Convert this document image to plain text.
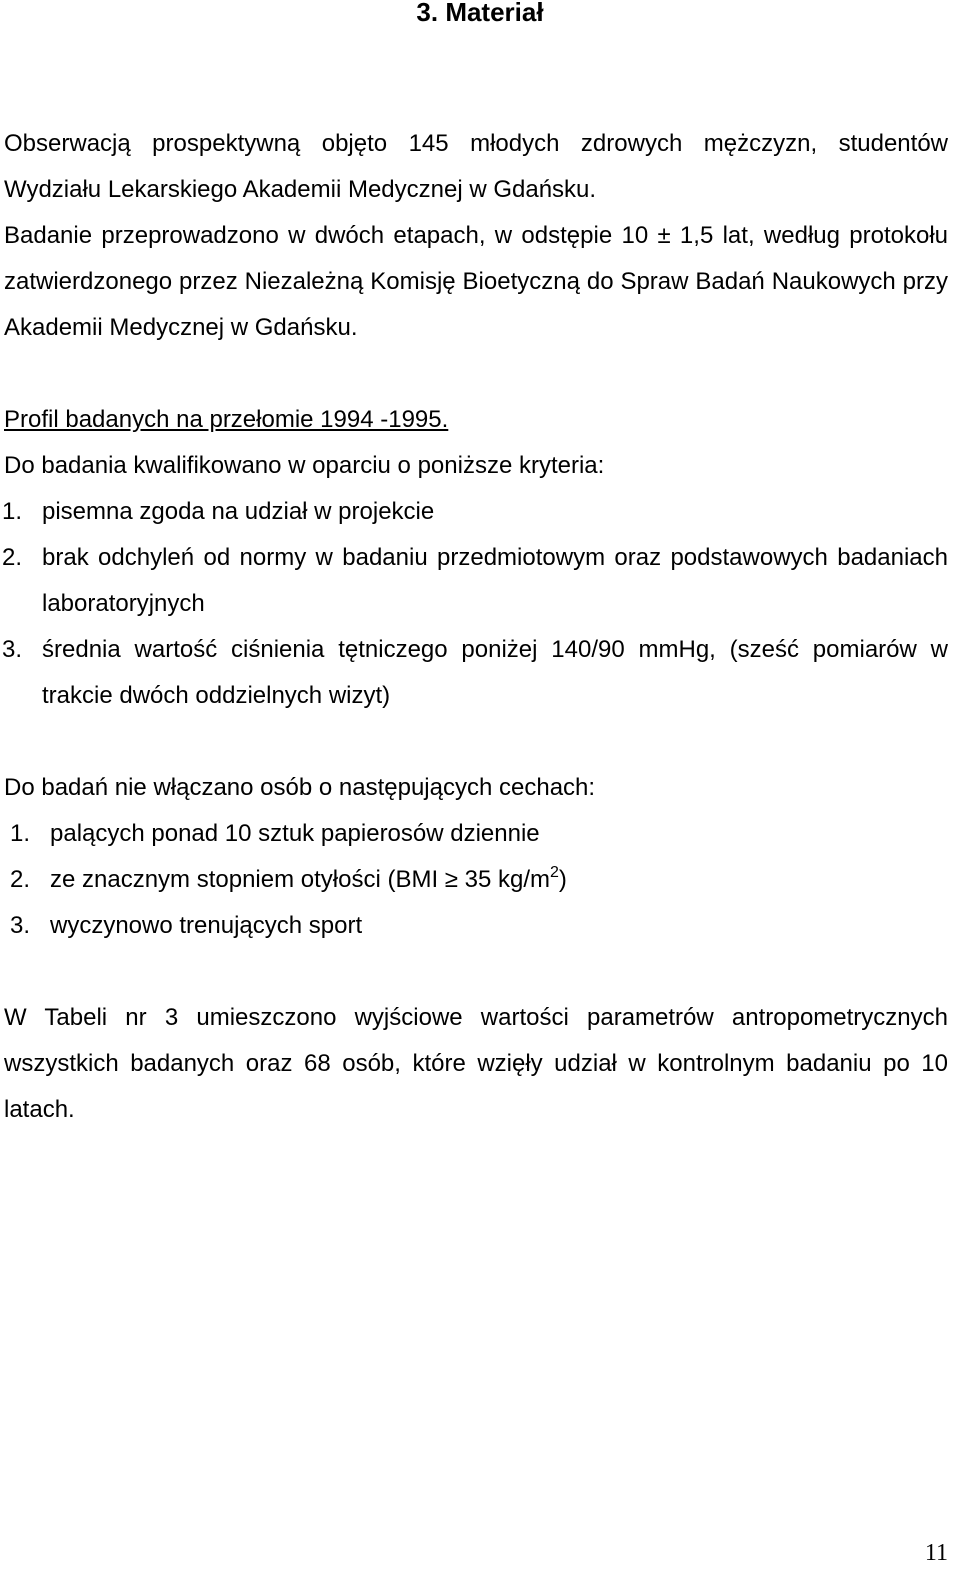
3. Materiał

Obserwacją prospektywną objęto 145 młodych zdrowych mężczyzn, studentów Wydziału Lekarskiego Akademii Medycznej w Gdańsku.

Badanie przeprowadzono w dwóch etapach, w odstępie 10 ± 1,5 lat, według protokołu zatwierdzonego przez Niezależną Komisję Bioetyczną do Spraw Badań Naukowych przy Akademii Medycznej w Gdańsku.

Profil badanych na przełomie 1994 -1995.

Do badania kwalifikowano w oparciu o poniższe kryteria:

1. pisemna zgoda na udział w projekcie
2. brak odchyleń od normy w badaniu przedmiotowym oraz podstawowych badaniach laboratoryjnych
3. średnia wartość ciśnienia tętniczego poniżej 140/90 mmHg, (sześć pomiarów w trakcie dwóch oddzielnych wizyt)

Do badań nie włączano osób o następujących cechach:

1. palących ponad 10 sztuk papierosów dziennie
2. ze znacznym stopniem otyłości (BMI ≥ 35 $kg/m^2$)
3. wyczynowo trenujących sport

W Tabeli nr 3 umieszczono wyjściowe wartości parametrów antropometrycznych wszystkich badanych oraz 68 osób, które wzięły udział w kontrolnym badaniu po 10 latach.

11
